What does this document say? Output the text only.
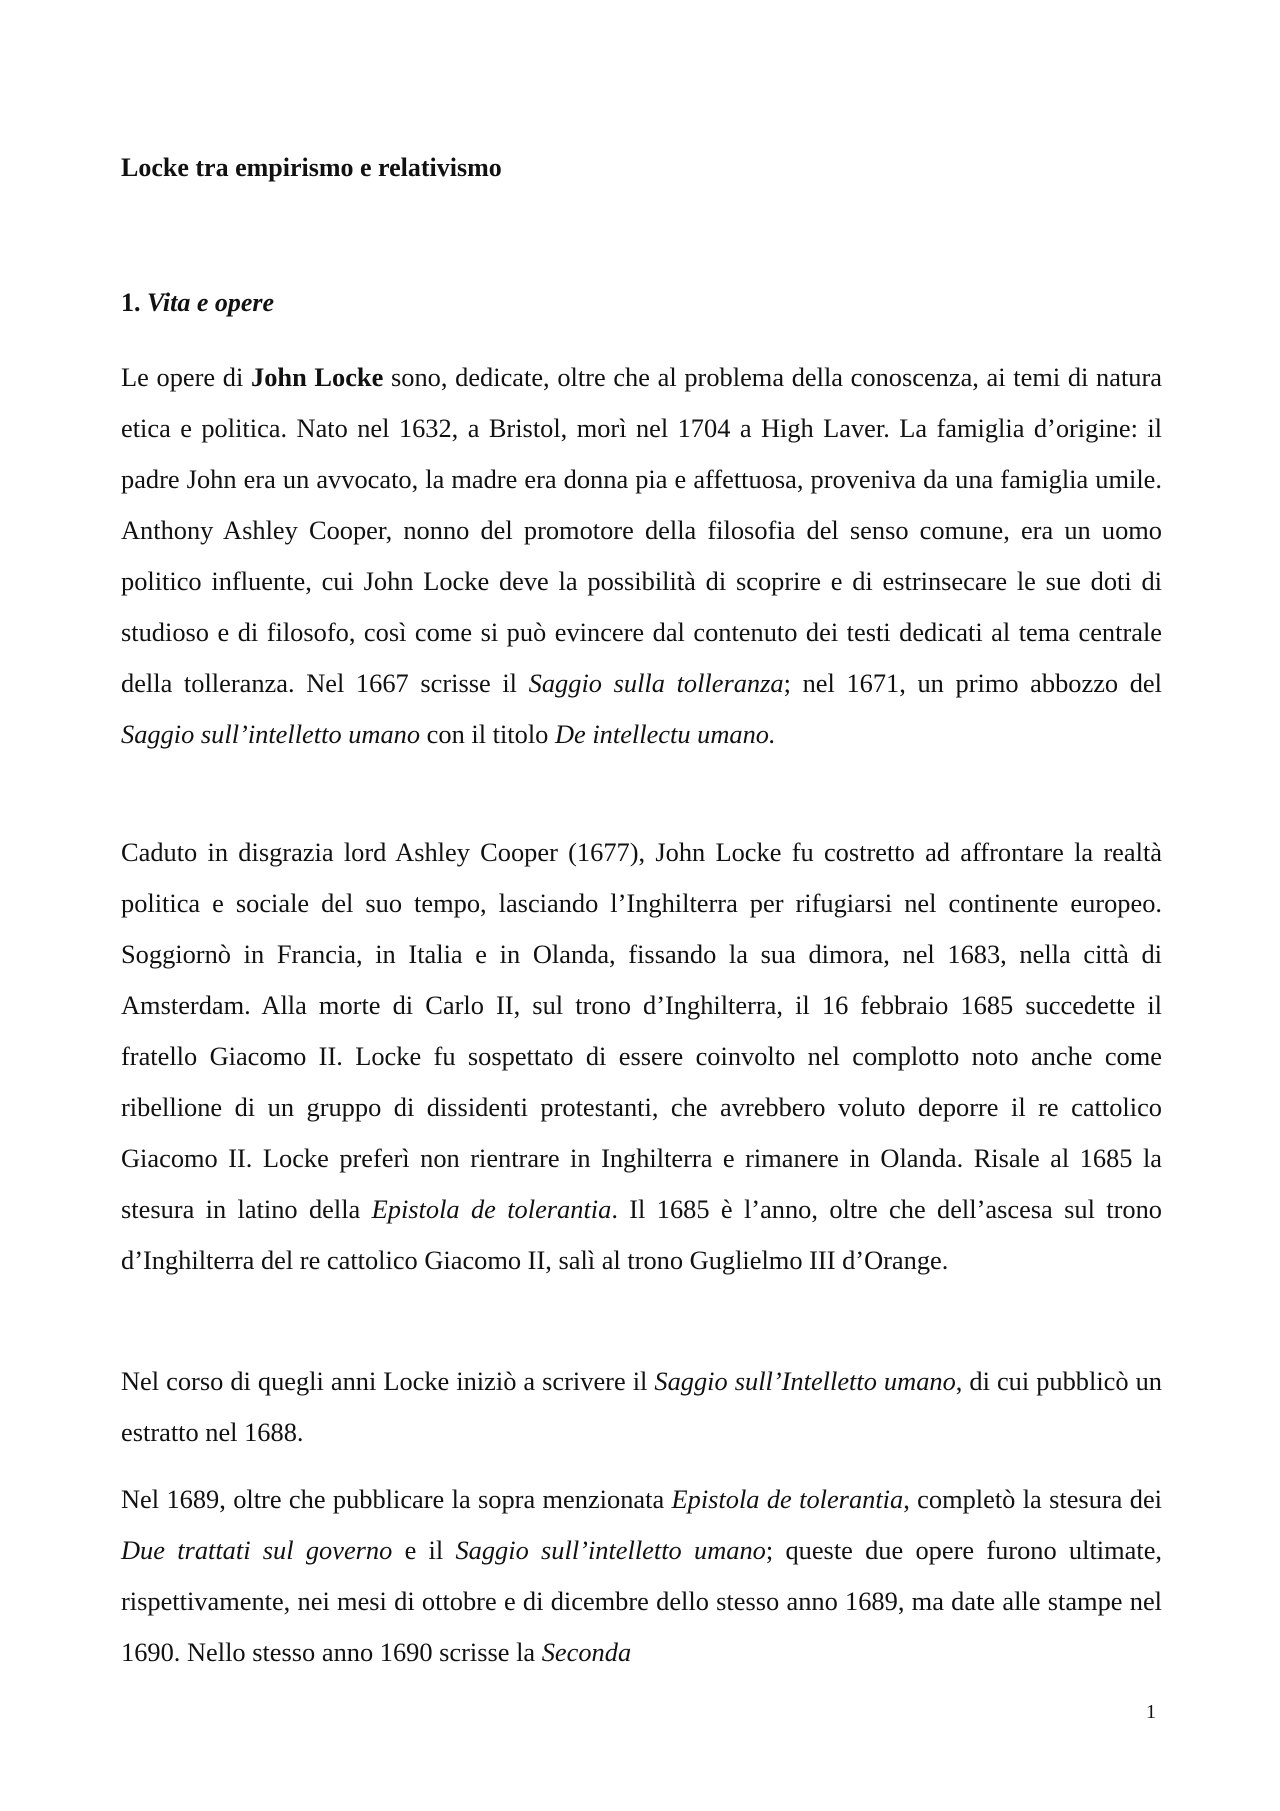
Locke tra empirismo e relativismo
1. Vita e opere

Le opere di John Locke sono, dedicate, oltre che al problema della conoscenza, ai temi di natura etica e politica. Nato nel 1632, a Bristol, morì nel 1704 a High Laver. La famiglia d’origine: il padre John era un avvocato, la madre era donna pia e affettuosa, proveniva da una famiglia umile. Anthony Ashley Cooper, nonno del promotore della filosofia del senso comune, era un uomo politico influente, cui John Locke deve la possibilità di scoprire e di estrinsecare le sue doti di studioso e di filosofo, così come si può evincere dal contenuto dei testi dedicati al tema centrale della tolleranza. Nel 1667 scrisse il Saggio sulla tolleranza; nel 1671, un primo abbozzo del Saggio sull’intelletto umano con il titolo De intellectu umano.

Caduto in disgrazia lord Ashley Cooper (1677), John Locke fu costretto ad affrontare la realtà politica e sociale del suo tempo, lasciando l’Inghilterra per rifugiarsi nel continente europeo. Soggiornò in Francia, in Italia e in Olanda, fissando la sua dimora, nel 1683, nella città di Amsterdam. Alla morte di Carlo II, sul trono d’Inghilterra, il 16 febbraio 1685 succedette il fratello Giacomo II. Locke fu sospettato di essere coinvolto nel complotto noto anche come ribellione di un gruppo di dissidenti protestanti, che avrebbero voluto deporre il re cattolico Giacomo II. Locke preferì non rientrare in Inghilterra e rimanere in Olanda. Risale al 1685 la stesura in latino della Epistola de tolerantia. Il 1685 è l’anno, oltre che dell’ascesa sul trono d’Inghilterra del re cattolico Giacomo II, salì al trono Guglielmo III d’Orange.

Nel corso di quegli anni Locke iniziò a scrivere il Saggio sull’Intelletto umano, di cui pubblicò un estratto nel 1688.

Nel 1689, oltre che pubblicare la sopra menzionata Epistola de tolerantia, completò la stesura dei Due trattati sul governo e il Saggio sull’intelletto umano; queste due opere furono ultimate, rispettivamente, nei mesi di ottobre e di dicembre dello stesso anno 1689, ma date alle stampe nel 1690. Nello stesso anno 1690 scrisse la Seconda

1
